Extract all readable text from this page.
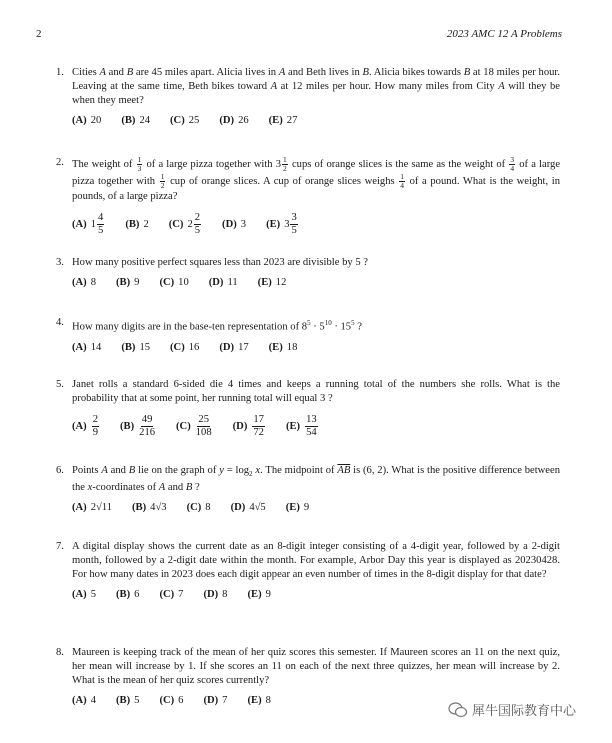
2	2023 AMC 12 A Problems
1. Cities A and B are 45 miles apart. Alicia lives in A and Beth lives in B. Alicia bikes towards B at 18 miles per hour. Leaving at the same time, Beth bikes toward A at 12 miles per hour. How many miles from City A will they be when they meet?

(A) 20 (B) 24 (C) 25 (D) 26 (E) 27
2. The weight of $\frac{1}{3}$ of a large pizza together with $3 \frac{1}{2}$ cups of orange slices is the same as the weight of $\frac{3}{4}$ of a large pizza together with $\frac{1}{2}$ cup of orange slices. A cup of orange slices weighs $\frac{1}{4}$ of a pound. What is the weight, in pounds, of a large pizza?

(A) 1
4
5
(B) 2 (C) 2
2
5
(D) 3 (E) 3
3
5
3. How many positive perfect squares less than 2023 are divisible by 5 ?

(A) 8 (B) 9 (C) 10 (D) 11 (E) 12
4. How many digits are in the base-ten representation of $8^5 \cdot 5^{10} \cdot 15^5$ ?

(A) 14 (B) 15 (C) 16 (D) 17 (E) 18
5. Janet rolls a standard 6-sided die 4 times and keeps a running total of the numbers she rolls. What is the probability that at some point, her running total will equal 3 ?

(A)
2
9
(B)
49
216
(C)
25
108
(D)
17
72
(E)
13
54
6. Points A and B lie on the graph of $y = \log_2 x$. The midpoint of $\overline{AB}$ is (6, 2). What is the positive difference between the x-coordinates of A and B ?

(A) 2√11 (B) 4√3 (C) 8 (D) 4√5 (E) 9
7. A digital display shows the current date as an 8-digit integer consisting of a 4-digit year, followed by a 2-digit month, followed by a 2-digit date within the month. For example, Arbor Day this year is displayed as 20230428. For how many dates in 2023 does each digit appear an even number of times in the 8-digit display for that date?

(A) 5 (B) 6 (C) 7 (D) 8 (E) 9
8. Maureen is keeping track of the mean of her quiz scores this semester. If Maureen scores an 11 on the next quiz, her mean will increase by 1. If she scores an 11 on each of the next three quizzes, her mean will increase by 2. What is the mean of her quiz scores currently?

(A) 4 (B) 5 (C) 6 (D) 7 (E) 8
犀牛国际教育中心
